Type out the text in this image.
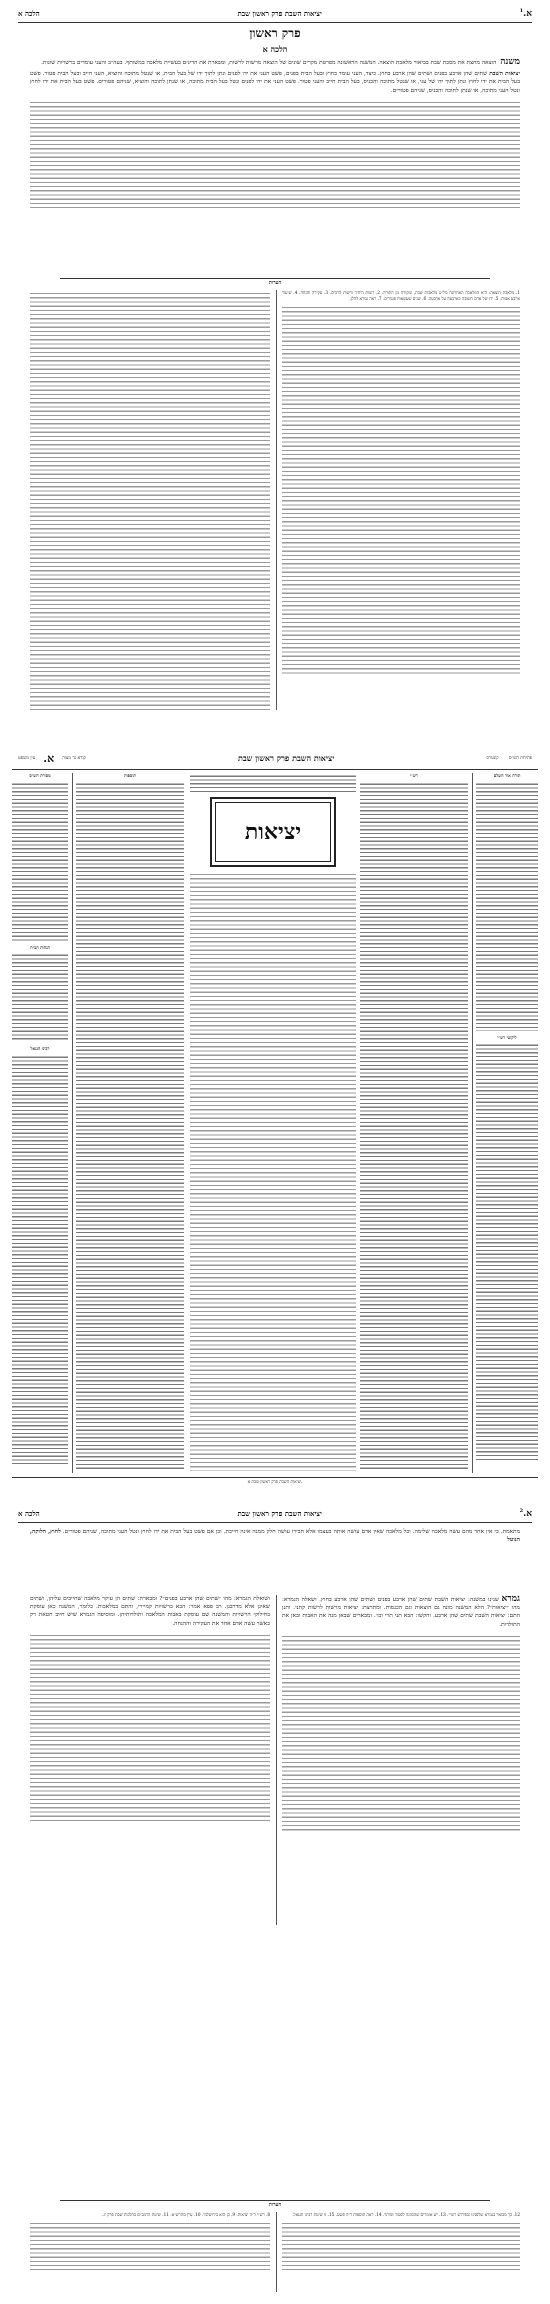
א.$^1$
יציאות השבת פרק ראשון שבת
הלכה א
פרק ראשון
הלכה א
משנה  הוצאה מחצת את מסכת שבת בביאור מלאכת הוצאה. המשנה הראשונה מפרטת מקרים שונים של הוצאה מרשות לרשות, ומבארת את הדינים בעשיית מלאכה במשותף. בעה״ב והעני עומדים ברשויות שונות.
יציאות השבת שתים שהן ארבע בפנים ושתים שהן ארבע בחוץ. כיצד, העני עומד בחוץ ובעל הבית בפנים, פשט העני את ידו לפנים ונתן לתוך ידו של בעל הבית, או שנטל מתוכה והוציא, העני חייב ובעל הבית פטור. פשט בעל הבית את ידו לחוץ ונתן לתוך ידו של עני, או שנטל מתוכה והכניס, בעל הבית חייב והעני פטור. פשט העני את ידו לפנים ונטל בעל הבית מתוכה, או שנתן לתוכה והוציא, שניהם פטורים. פשט בעל הבית את ידו לחוץ ונטל העני מתוכה, או שנתן לתוכה והכניס, שניהם פטורים.
הערות
1. מלאכת הוצאה: היא המלאכה האחרונה מל״ט מלאכות שבת, ומקורה מן התורה. 2. רשות היחיד ורשות הרבים. 3. עקירה והנחה. 4. שיעור ארבע אמות. 5. ידו של אדם חשובה כארבעה על ארבעה. 6. שנים שעשאוה פטורים. 7. ראה גמרא להלן.
פתיחת הש״ס
קונטרס
יציאות השבת פרק ראשון שבת
קורא נר מצוה
א.
עין משפט
תורה אור השלם
ליקוטי רש״י
רש״י
יציאות
תוספות
מסורת הש״ס
הגהות הב״ח
רבינו חננאל
יציאות השבת פרק ראשון שבת א.
א.$^2$
יציאות השבת פרק ראשון שבת
הלכה א
מתאמת. כי אין אחד מהם עשה מלאכה שלימה. וכל מלאכה שאין אדם עושה אותה בעצמו אלא חבירו עושה חלק ממנה אינה חייבת. וכן אם פשט בעל הבית את ידו לחוץ ונטל העני מתוכה, שניהם פטורים. לחוץ, הלוקה, הנוטל
גמרא שנינו במשנה: יציאות השבת שתים שהן ארבע בפנים ושתים שהן ארבע בחוץ. ושאלה הגמרא: מהו ״יציאות״? הלא המשנה מונה גם הוצאות וגם הכנסות. ומתרצת: יציאות מרשות לרשות קתני. ותנן התם: יציאות השבת שתים שהן ארבע. והקשו: הכא תני תרי וכו׳. ומבארים שבאן מנה את האבות ובאן את התולדות.
ושואלת הגמרא: מהו ״שתים שהן ארבע בפנים״? ומבארת: שתים הן עיקר מלאכה שחייבים עליהן, ושתים שאינן אלא מדרבנן. רב פפא אמר: הכא ברשויות קמיירי, והתם במלאכות. כלומר, המשנה כאן עוסקת בחילוקי הרשויות והמשנה שם עוסקת באבות המלאכה ותולדותיהן. ומוסיפה הגמרא שיש חיוב חטאת רק כאשר עשה אדם אחד את העקירה וההנחה.
הערות
12. כך מבואר בגמרא שלפנינו ובפירוש רש״י. 13. יש אומרים שהכוונה לפטור ומותר. 14. ראה תוספות ד״ה פשט. 15. זו שיטת רבינו חננאל.
8. רש״י ד״ה יציאות. 9. כן הוא בירושלמי. 10. עיין מהרש״א. 11. שיטת הרמב״ם בהלכות שבת פרק יג.
